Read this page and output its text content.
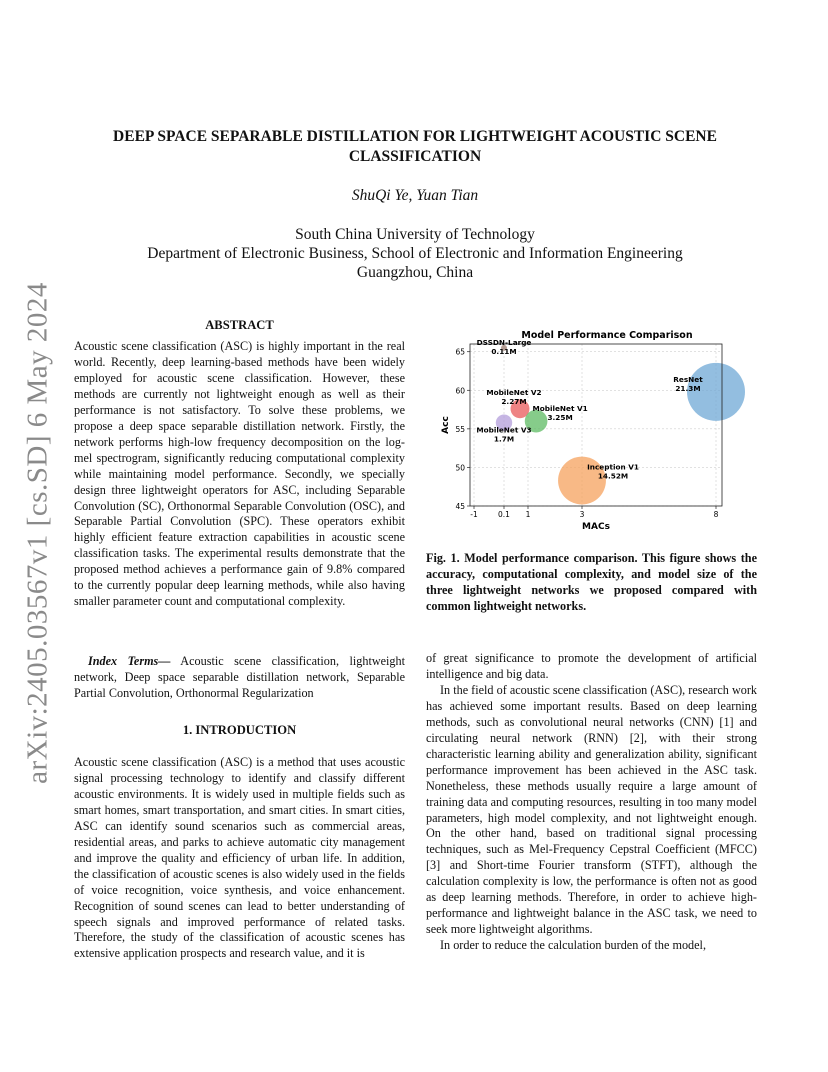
arXiv:2405.03567v1 [cs.SD] 6 May 2024
DEEP SPACE SEPARABLE DISTILLATION FOR LIGHTWEIGHT ACOUSTIC SCENE
CLASSIFICATION
ShuQi Ye, Yuan Tian
South China University of Technology
Department of Electronic Business, School of Electronic and Information Engineering
Guangzhou, China
ABSTRACT

Acoustic scene classification (ASC) is highly important in the real world. Recently, deep learning-based methods have been widely employed for acoustic scene classification. However, these methods are currently not lightweight enough as well as their performance is not satisfactory. To solve these problems, we propose a deep space separable distillation network. Firstly, the network performs high-low frequency decomposition on the log-mel spectrogram, significantly reducing computational complexity while maintaining model performance. Secondly, we specially design three lightweight operators for ASC, including Separable Convolution (SC), Orthonormal Separable Convolution (OSC), and Separable Partial Convolution (SPC). These operators exhibit highly efficient feature extraction capabilities in acoustic scene classification tasks. The experimental results demonstrate that the proposed method achieves a performance gain of 9.8% compared to the currently popular deep learning methods, while also having smaller parameter count and computational complexity.

Index Terms— Acoustic scene classification, lightweight network, Deep space separable distillation network, Separable Partial Convolution, Orthonormal Regularization

1. INTRODUCTION

Acoustic scene classification (ASC) is a method that uses acoustic signal processing technology to identify and classify different acoustic environments. It is widely used in multiple fields such as smart homes, smart transportation, and smart cities. In smart cities, ASC can identify sound scenarios such as commercial areas, residential areas, and parks to achieve automatic city management and improve the quality and efficiency of urban life. In addition, the classification of acoustic scenes is also widely used in the fields of voice recognition, voice synthesis, and voice enhancement. Recognition of sound scenes can lead to better understanding of speech signals and improved performance of related tasks. Therefore, the study of the classification of acoustic scenes has extensive application prospects and research value, and it is

Model Performance Comparison
-1	0.1 1	3	8
45
50
55
60
65
DSSDN-Large
0.11M
MobileNet V2
2.27M
MobileNet V1
3.25M
MobileNet V3
1.7M
ResNet
21.3M
Inception V1
14.52M
MACs
Acc

Fig. 1. Model performance comparison. This figure shows the accuracy, computational complexity, and model size of the three lightweight networks we proposed compared with common lightweight networks.

of great significance to promote the development of artificial intelligence and big data.

In the field of acoustic scene classification (ASC), research work has achieved some important results. Based on deep learning methods, such as convolutional neural networks (CNN) [1] and circulating neural network (RNN) [2], with their strong characteristic learning ability and generalization ability, significant performance improvement has been achieved in the ASC task. Nonetheless, these methods usually require a large amount of training data and computing resources, resulting in too many model parameters, high model complexity, and not lightweight enough. On the other hand, based on traditional signal processing techniques, such as Mel-Frequency Cepstral Coefficient (MFCC) [3] and Short-time Fourier transform (STFT), although the calculation complexity is low, the performance is often not as good as deep learning methods. Therefore, in order to achieve high-performance and lightweight balance in the ASC task, we need to seek more lightweight algorithms.

In order to reduce the calculation burden of the model,
